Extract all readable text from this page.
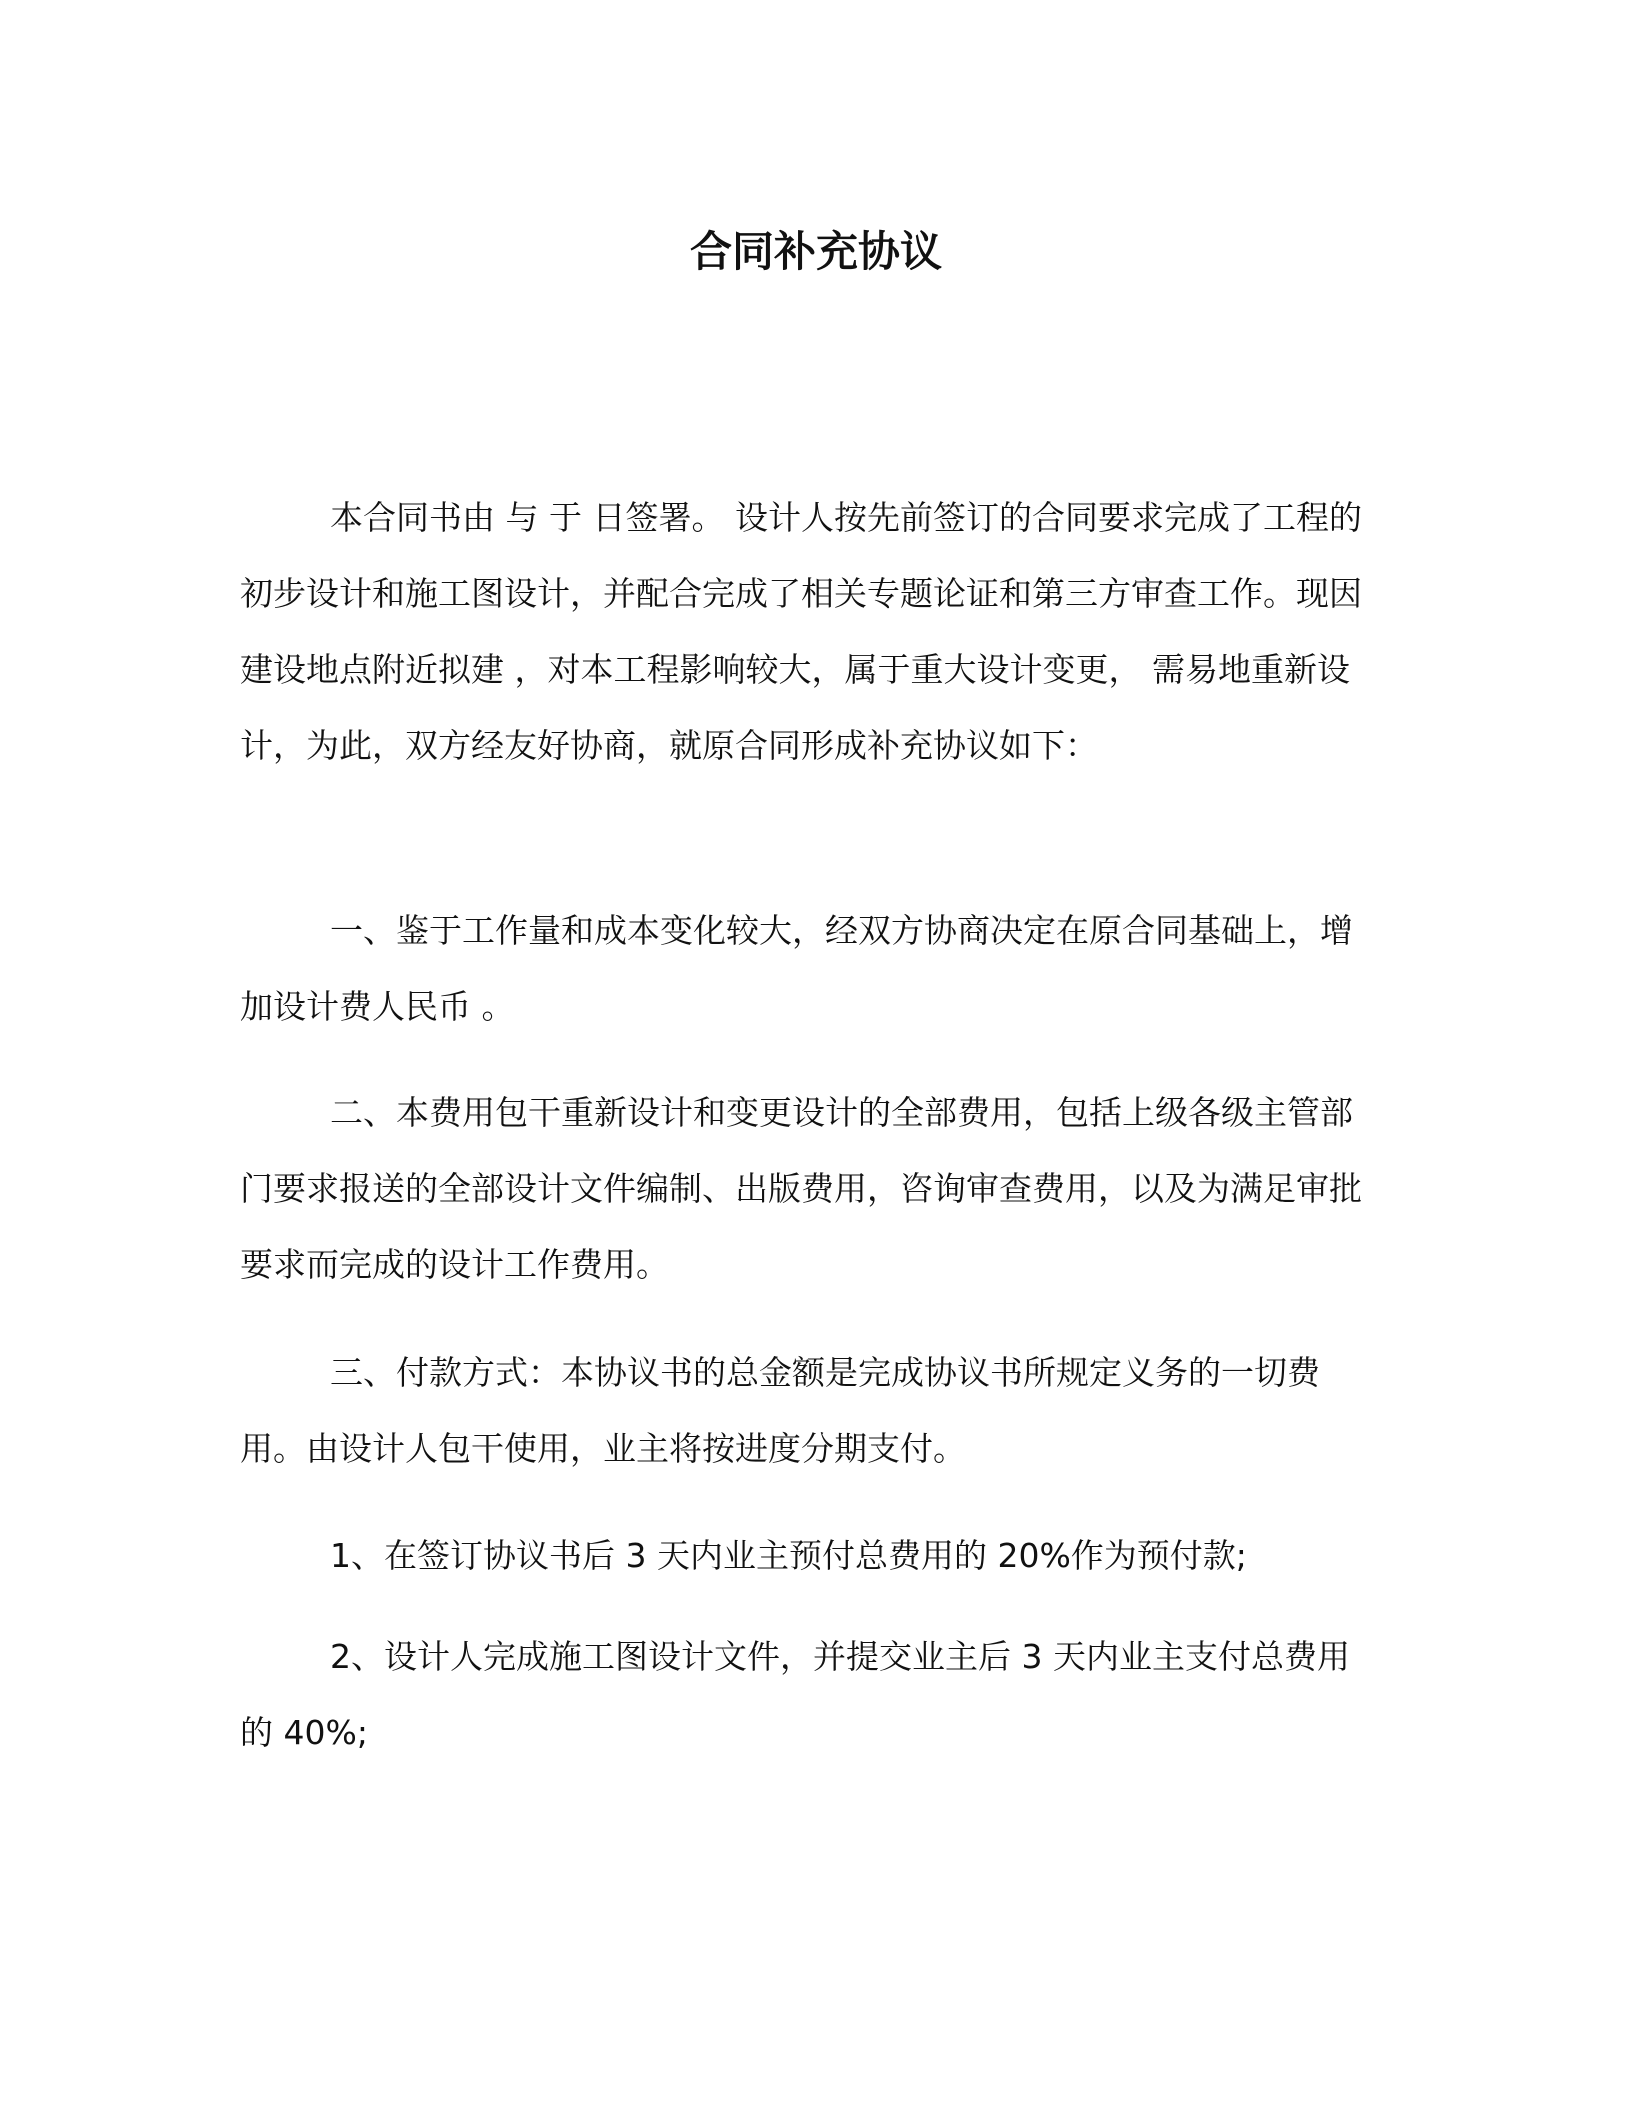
合同补充协议

本合同书由 与 于 日签署。 设计人按先前签订的合同要求完成了工程的初步设计和施工图设计，并配合完成了相关专题论证和第三方审查工作。现因建设地点附近拟建 ，对本工程影响较大，属于重大设计变更， 需易地重新设计，为此，双方经友好协商，就原合同形成补充协议如下：

一、鉴于工作量和成本变化较大，经双方协商决定在原合同基础上，增加设计费人民币 。

二、本费用包干重新设计和变更设计的全部费用，包括上级各级主管部门要求报送的全部设计文件编制、出版费用，咨询审查费用，以及为满足审批要求而完成的设计工作费用。

三、付款方式：本协议书的总金额是完成协议书所规定义务的一切费用。由设计人包干使用，业主将按进度分期支付。

1、在签订协议书后 3 天内业主预付总费用的 20%作为预付款;

2、设计人完成施工图设计文件，并提交业主后 3 天内业主支付总费用的 40%;
